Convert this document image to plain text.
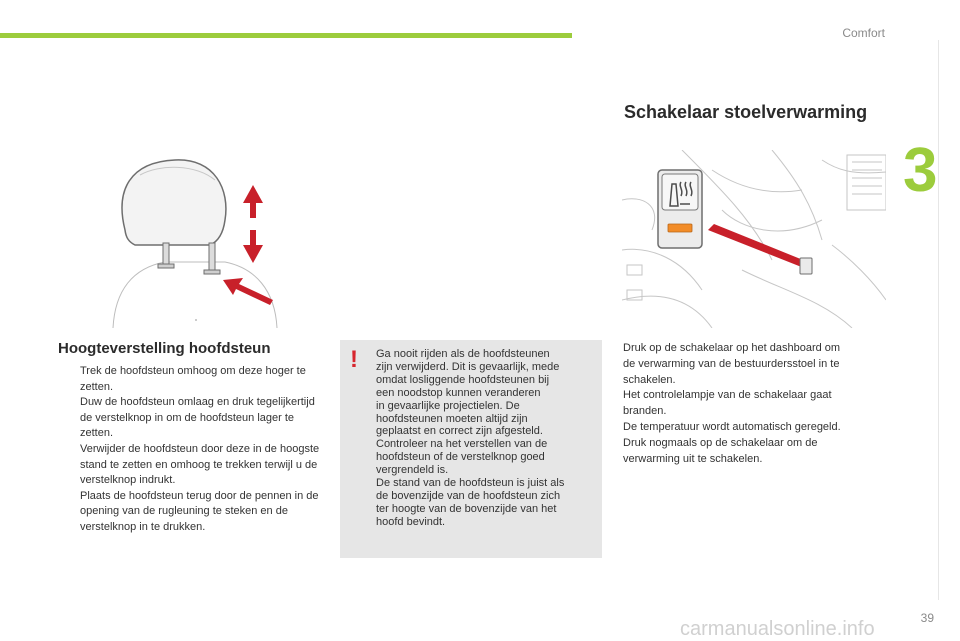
Comfort
3
Schakelaar stoelverwarming
Hoogteverstelling hoofdsteun
Trek de hoofdsteun omhoog om deze hoger te zetten.
Duw de hoofdsteun omlaag en druk tegelijkertijd de verstelknop in om de hoofdsteun lager te zetten.
Verwijder de hoofdsteun door deze in de hoogste stand te zetten en omhoog te trekken terwijl u de verstelknop indrukt.
Plaats de hoofdsteun terug door de pennen in de opening van de rugleuning te steken en de verstelknop in te drukken.
! Ga nooit rijden als de hoofdsteunen
zijn verwijderd. Dit is gevaarlijk, mede
omdat losliggende hoofdsteunen bij
een noodstop kunnen veranderen
in gevaarlijke projectielen. De
hoofdsteunen moeten altijd zijn
geplaatst en correct zijn afgesteld.
Controleer na het verstellen van de
hoofdsteun of de verstelknop goed
vergrendeld is.
De stand van de hoofdsteun is juist als
de bovenzijde van de hoofdsteun zich
ter hoogte van de bovenzijde van het
hoofd bevindt.

Druk op de schakelaar op het dashboard om
de verwarming van de bestuurdersstoel in te
schakelen.
Het controlelampje van de schakelaar gaat
branden.
De temperatuur wordt automatisch geregeld.
Druk nogmaals op de schakelaar om de
verwarming uit te schakelen.

39
carmanualsonline.info
